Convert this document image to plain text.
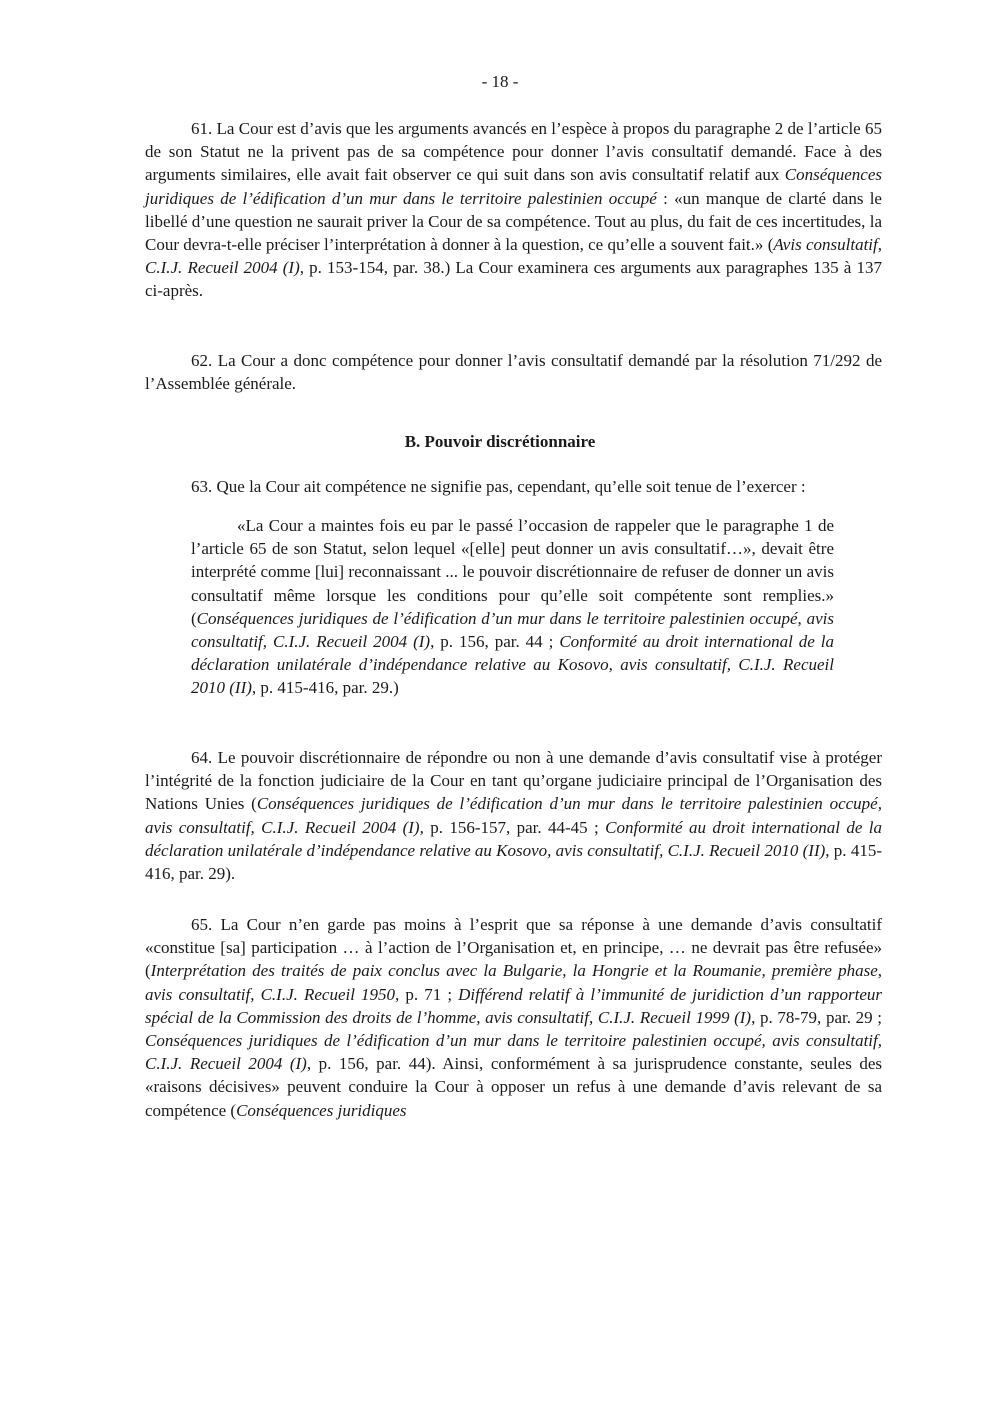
- 18 -

61. La Cour est d’avis que les arguments avancés en l’espèce à propos du paragraphe 2 de l’article 65 de son Statut ne la privent pas de sa compétence pour donner l’avis consultatif demandé. Face à des arguments similaires, elle avait fait observer ce qui suit dans son avis consultatif relatif aux Conséquences juridiques de l’édification d’un mur dans le territoire palestinien occupé : «un manque de clarté dans le libellé d’une question ne saurait priver la Cour de sa compétence. Tout au plus, du fait de ces incertitudes, la Cour devra-t-elle préciser l’interprétation à donner à la question, ce qu’elle a souvent fait.» (Avis consultatif, C.I.J. Recueil 2004 (I), p. 153-154, par. 38.) La Cour examinera ces arguments aux paragraphes 135 à 137 ci-après.

62. La Cour a donc compétence pour donner l’avis consultatif demandé par la résolution 71/292 de l’Assemblée générale.

B. Pouvoir discrétionnaire

63. Que la Cour ait compétence ne signifie pas, cependant, qu’elle soit tenue de l’exercer :

«La Cour a maintes fois eu par le passé l’occasion de rappeler que le paragraphe 1 de l’article 65 de son Statut, selon lequel «[elle] peut donner un avis consultatif…», devait être interprété comme [lui] reconnaissant ... le pouvoir discrétionnaire de refuser de donner un avis consultatif même lorsque les conditions pour qu’elle soit compétente sont remplies.» (Conséquences juridiques de l’édification d’un mur dans le territoire palestinien occupé, avis consultatif, C.I.J. Recueil 2004 (I), p. 156, par. 44 ; Conformité au droit international de la déclaration unilatérale d’indépendance relative au Kosovo, avis consultatif, C.I.J. Recueil 2010 (II), p. 415-416, par. 29.)

64. Le pouvoir discrétionnaire de répondre ou non à une demande d’avis consultatif vise à protéger l’intégrité de la fonction judiciaire de la Cour en tant qu’organe judiciaire principal de l’Organisation des Nations Unies (Conséquences juridiques de l’édification d’un mur dans le territoire palestinien occupé, avis consultatif, C.I.J. Recueil 2004 (I), p. 156-157, par. 44-45 ; Conformité au droit international de la déclaration unilatérale d’indépendance relative au Kosovo, avis consultatif, C.I.J. Recueil 2010 (II), p. 415-416, par. 29).

65. La Cour n’en garde pas moins à l’esprit que sa réponse à une demande d’avis consultatif «constitue [sa] participation … à l’action de l’Organisation et, en principe, … ne devrait pas être refusée» (Interprétation des traités de paix conclus avec la Bulgarie, la Hongrie et la Roumanie, première phase, avis consultatif, C.I.J. Recueil 1950, p. 71 ; Différend relatif à l’immunité de juridiction d’un rapporteur spécial de la Commission des droits de l’homme, avis consultatif, C.I.J. Recueil 1999 (I), p. 78-79, par. 29 ; Conséquences juridiques de l’édification d’un mur dans le territoire palestinien occupé, avis consultatif, C.I.J. Recueil 2004 (I), p. 156, par. 44). Ainsi, conformément à sa jurisprudence constante, seules des «raisons décisives» peuvent conduire la Cour à opposer un refus à une demande d’avis relevant de sa compétence (Conséquences juridiques
